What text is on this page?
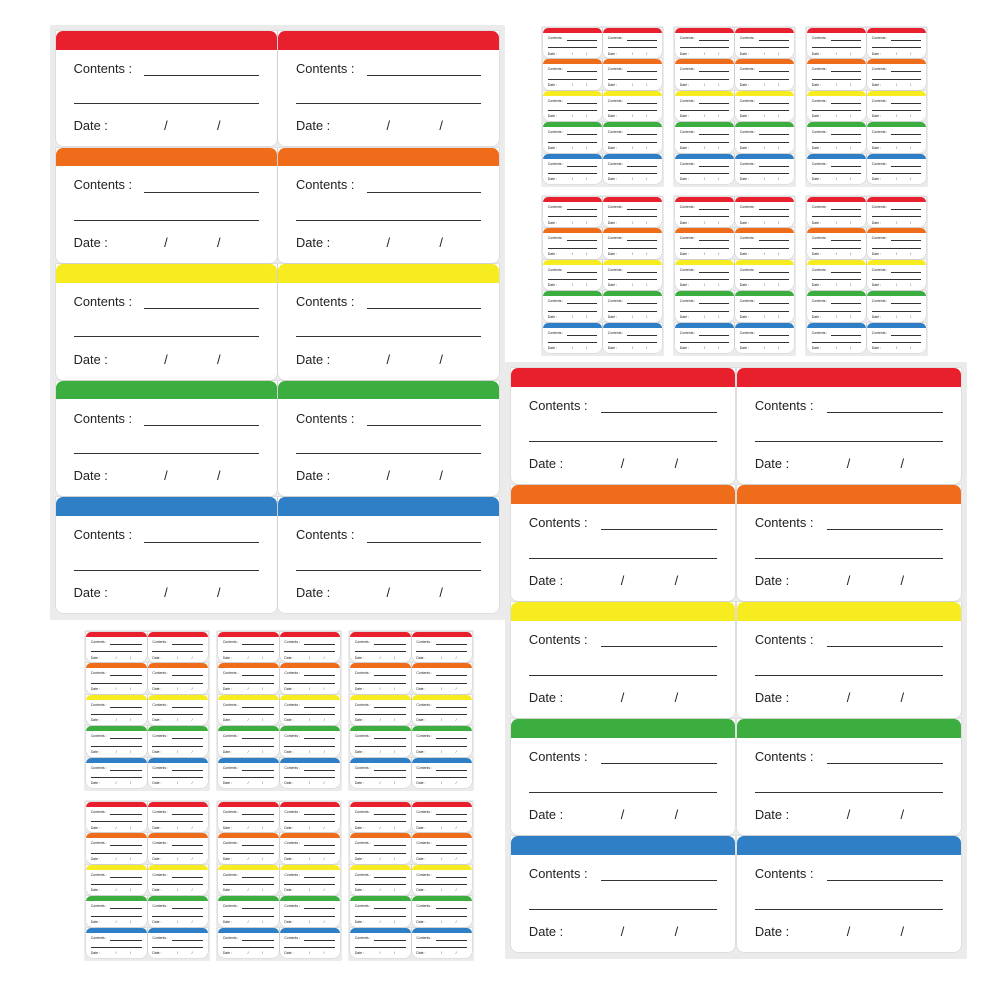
Contents :
Date :	/	/
Contents :
Date :	/	/
Contents :
Date :	/	/
Contents :
Date :	/	/
Contents :
Date :	/	/
Contents :
Date :	/	/
Contents :
Date :	/	/
Contents :
Date :	/	/
Contents :
Date :	/	/
Contents :
Date :	/	/
Contents :
Date :	/	/
Contents :
Date :	/	/
Contents :
Date :	/	/
Contents :
Date :	/	/
Contents :
Date :	/	/
Contents :
Date :	/	/
Contents :
Date :	/	/
Contents :
Date :	/	/
Contents :
Date :	/	/
Contents :
Date :	/	/
Contents :
Date :	/	/
Contents :
Date :	/	/
Contents :
Date :	/	/
Contents :
Date :	/	/
Contents :
Date :	/	/
Contents :
Date :	/	/
Contents :
Date :	/	/
Contents :
Date :	/	/
Contents :
Date :	/	/
Contents :
Date :	/	/
Contents :
Date :	/	/
Contents :
Date :	/	/
Contents :
Date :	/	/
Contents :
Date :	/	/
Contents :
Date :	/	/
Contents :
Date :	/	/
Contents :
Date :	/	/
Contents :
Date :	/	/
Contents :
Date :	/	/
Contents :
Date :	/	/
Contents :
Date :	/	/
Contents :
Date :	/	/
Contents :
Date :	/	/
Contents :
Date :	/	/
Contents :
Date :	/	/
Contents :
Date :	/	/
Contents :
Date :	/	/
Contents :
Date :	/	/
Contents :
Date :	/	/
Contents :
Date :	/	/
Contents :
Date :	/	/
Contents :
Date :	/	/
Contents :
Date :	/	/
Contents :
Date :	/	/
Contents :
Date :	/	/
Contents :
Date :	/	/
Contents :
Date :	/	/
Contents :
Date :	/	/
Contents :
Date :	/	/
Contents :
Date :	/	/
Contents :
Date :	/	/
Contents :
Date :	/	/
Contents :
Date :	/	/
Contents :
Date :	/	/
Contents :
Date :	/	/
Contents :
Date :	/	/
Contents :
Date :	/	/
Contents :
Date :	/	/
Contents :
Date :	/	/
Contents :
Date :	/	/
Contents :
Date :	/	/
Contents :
Date :	/	/
Contents :
Date :	/	/
Contents :
Date :	/	/
Contents :
Date :	/	/
Contents :
Date :	/	/
Contents :
Date :	/	/
Contents :
Date :	/	/
Contents :
Date :	/	/
Contents :
Date :	/	/
Contents :
Date :	/	/
Contents :
Date :	/	/
Contents :
Date :	/	/
Contents :
Date :	/	/
Contents :
Date :	/	/
Contents :
Date :	/	/
Contents :
Date :	/	/
Contents :
Date :	/	/
Contents :
Date :	/	/
Contents :
Date :	/	/
Contents :
Date :	/	/
Contents :
Date :	/	/
Contents :
Date :	/	/
Contents :
Date :	/	/
Contents :
Date :	/	/
Contents :
Date :	/	/
Contents :
Date :	/	/
Contents :
Date :	/	/
Contents :
Date :	/	/
Contents :
Date :	/	/
Contents :
Date :	/	/
Contents :
Date :	/	/
Contents :
Date :	/	/
Contents :
Date :	/	/
Contents :
Date :	/	/
Contents :
Date :	/	/
Contents :
Date :	/	/
Contents :
Date :	/	/
Contents :
Date :	/	/
Contents :
Date :	/	/
Contents :
Date :	/	/
Contents :
Date :	/	/
Contents :
Date :	/	/
Contents :
Date :	/	/
Contents :
Date :	/	/
Contents :
Date :	/	/
Contents :
Date :	/	/
Contents :
Date :	/	/
Contents :
Date :	/	/
Contents :
Date :	/	/
Contents :
Date :	/	/
Contents :
Date :	/	/
Contents :
Date :	/	/
Contents :
Date :	/	/
Contents :
Date :	/	/
Contents :
Date :	/	/
Contents :
Date :	/	/
Contents :
Date :	/	/
Contents :
Date :	/	/
Contents :
Date :	/	/
Contents :
Date :	/	/
Contents :
Date :	/	/
Contents :
Date :	/	/
Contents :
Date :	/	/
Contents :
Date :	/	/
Contents :
Date :	/	/
Contents :
Date :	/	/
Contents :
Date :	/	/
Contents :
Date :	/	/
Contents :
Date :	/	/
